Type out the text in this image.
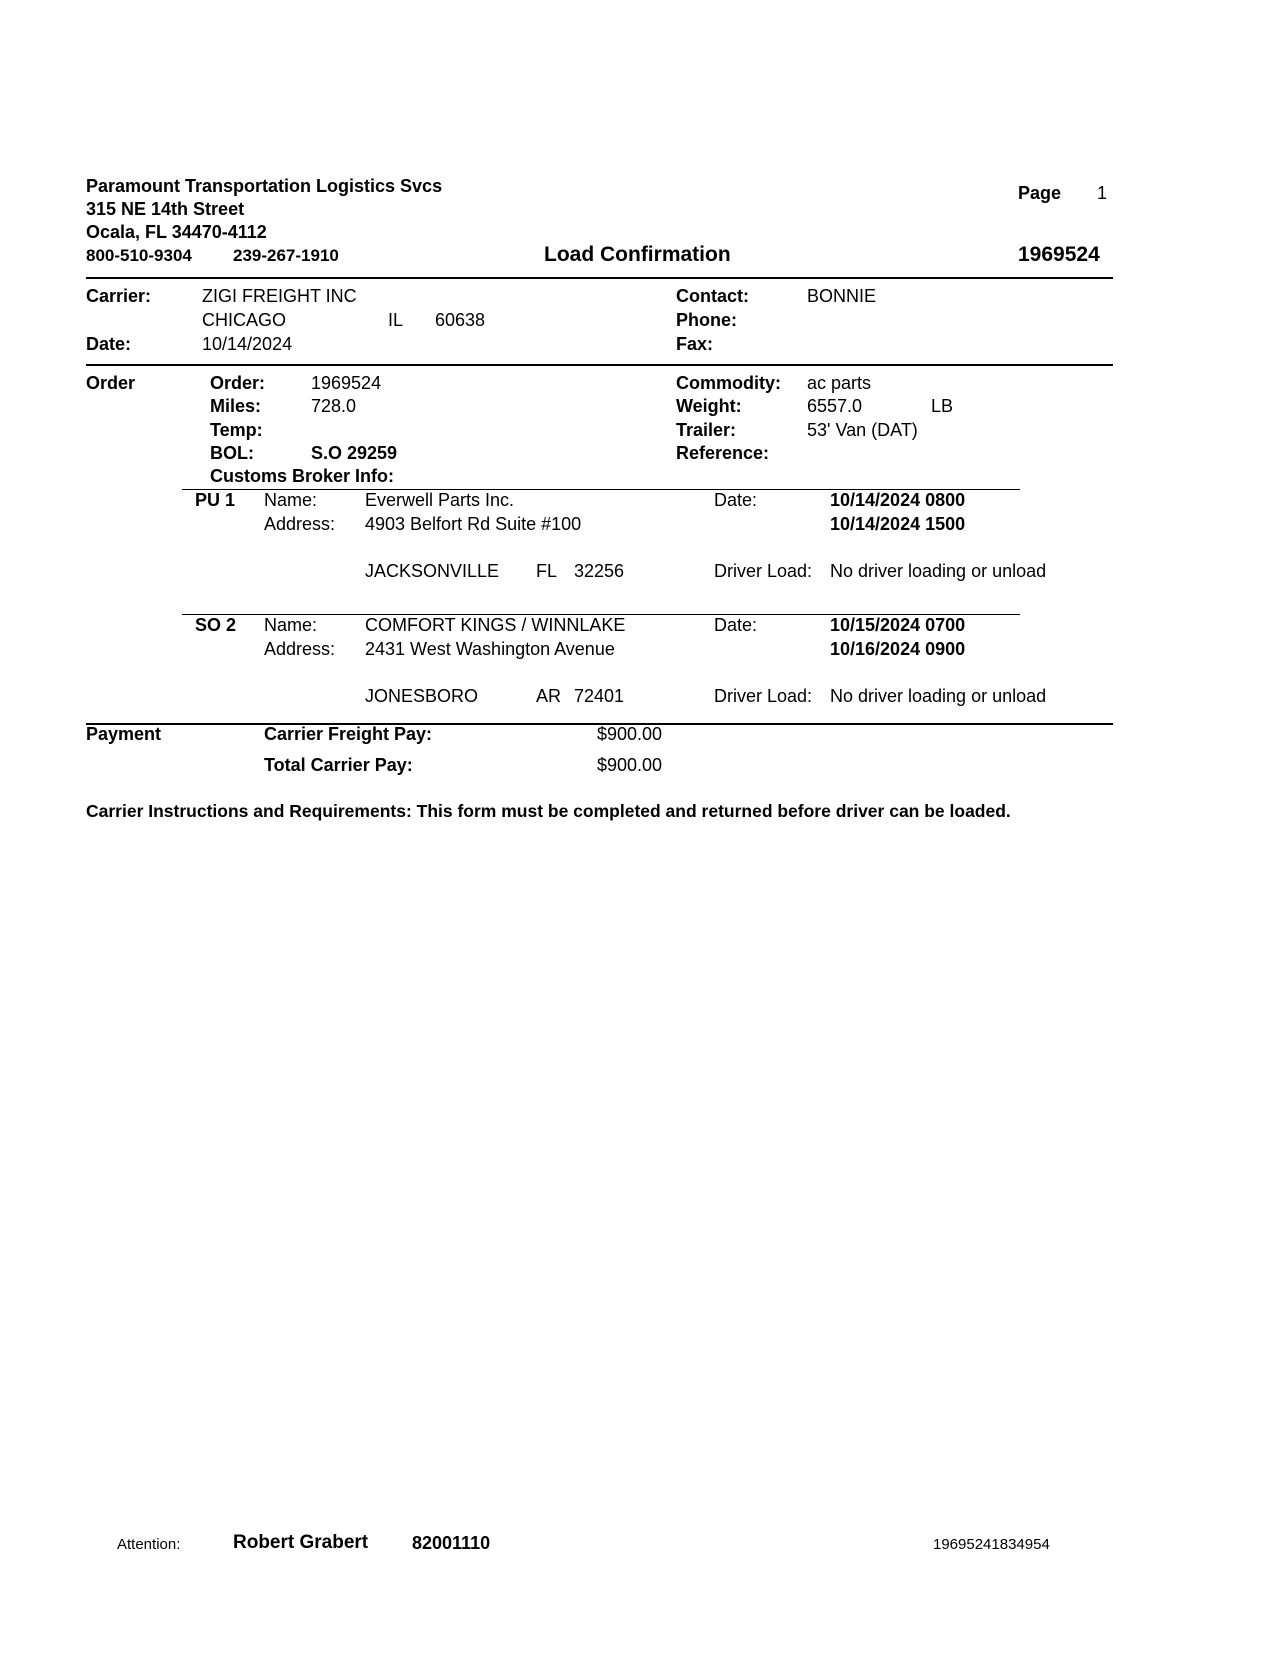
Paramount Transportation Logistics Svcs
315 NE 14th Street
Ocala, FL 34470-4112
800-510-9304 239-267-1910
Page 1
Load Confirmation	1969524
Carrier:	ZIGI FREIGHT INC
CHICAGO	IL 60638
Date:	10/14/2024
Contact:	BONNIE
Phone:
Fax:
Order	Order:	1969524
Miles:	728.0
Temp:
BOL:	S.O 29259
Customs Broker Info:
Commodity: ac parts
Weight:	6557.0	LB
Trailer:	53' Van (DAT)
Reference:
PU 1 Name:	Everwell Parts Inc.
Address: 4903 Belfort Rd Suite #100
JACKSONVILLE FL 32256
Date:	10/14/2024 0800
10/14/2024 1500
Driver Load: No driver loading or unload
SO 2 Name:	COMFORT KINGS / WINNLAKE
Address: 2431 West Washington Avenue
JONESBORO	AR 72401
Date:	10/15/2024 0700
10/16/2024 0900
Driver Load: No driver loading or unload
Payment	Carrier Freight Pay:	$900.00
Total Carrier Pay:	$900.00
Carrier Instructions and Requirements: This form must be completed and returned before driver can be loaded.
Attention:	Robert Grabert 82001110	19695241834954
